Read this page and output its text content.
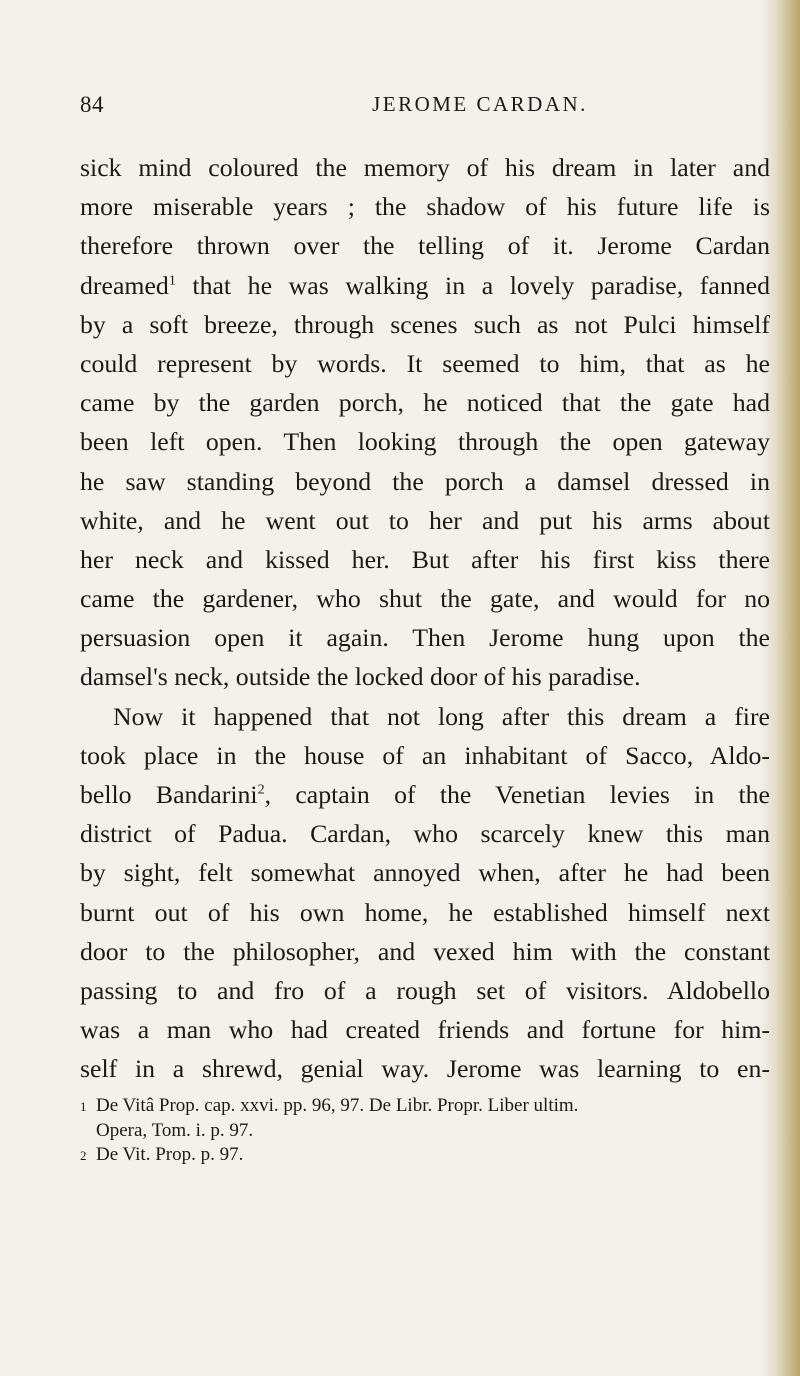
84	JEROME CARDAN.
sick mind coloured the memory of his dream in later and
more miserable years ; the shadow of his future life is
therefore thrown over the telling of it. Jerome Cardan
dreamed$^1$ that he was walking in a lovely paradise, fanned
by a soft breeze, through scenes such as not Pulci himself
could represent by words. It seemed to him, that as he
came by the garden porch, he noticed that the gate had
been left open. Then looking through the open gateway
he saw standing beyond the porch a damsel dressed in
white, and he went out to her and put his arms about
her neck and kissed her. But after his first kiss there
came the gardener, who shut the gate, and would for no
persuasion open it again. Then Jerome hung upon the
damsel's neck, outside the locked door of his paradise.
Now it happened that not long after this dream a fire
took place in the house of an inhabitant of Sacco, Aldo-
bello Bandarini$^2$, captain of the Venetian levies in the
district of Padua. Cardan, who scarcely knew this man
by sight, felt somewhat annoyed when, after he had been
burnt out of his own home, he established himself next
door to the philosopher, and vexed him with the constant
passing to and fro of a rough set of visitors. Aldobello
was a man who had created friends and fortune for him-
self in a shrewd, genial way. Jerome was learning to en-
1 De Vitâ Prop. cap. xxvi. pp. 96, 97. De Libr. Propr. Liber ultim.
Opera, Tom. i. p. 97.
2 De Vit. Prop. p. 97.
